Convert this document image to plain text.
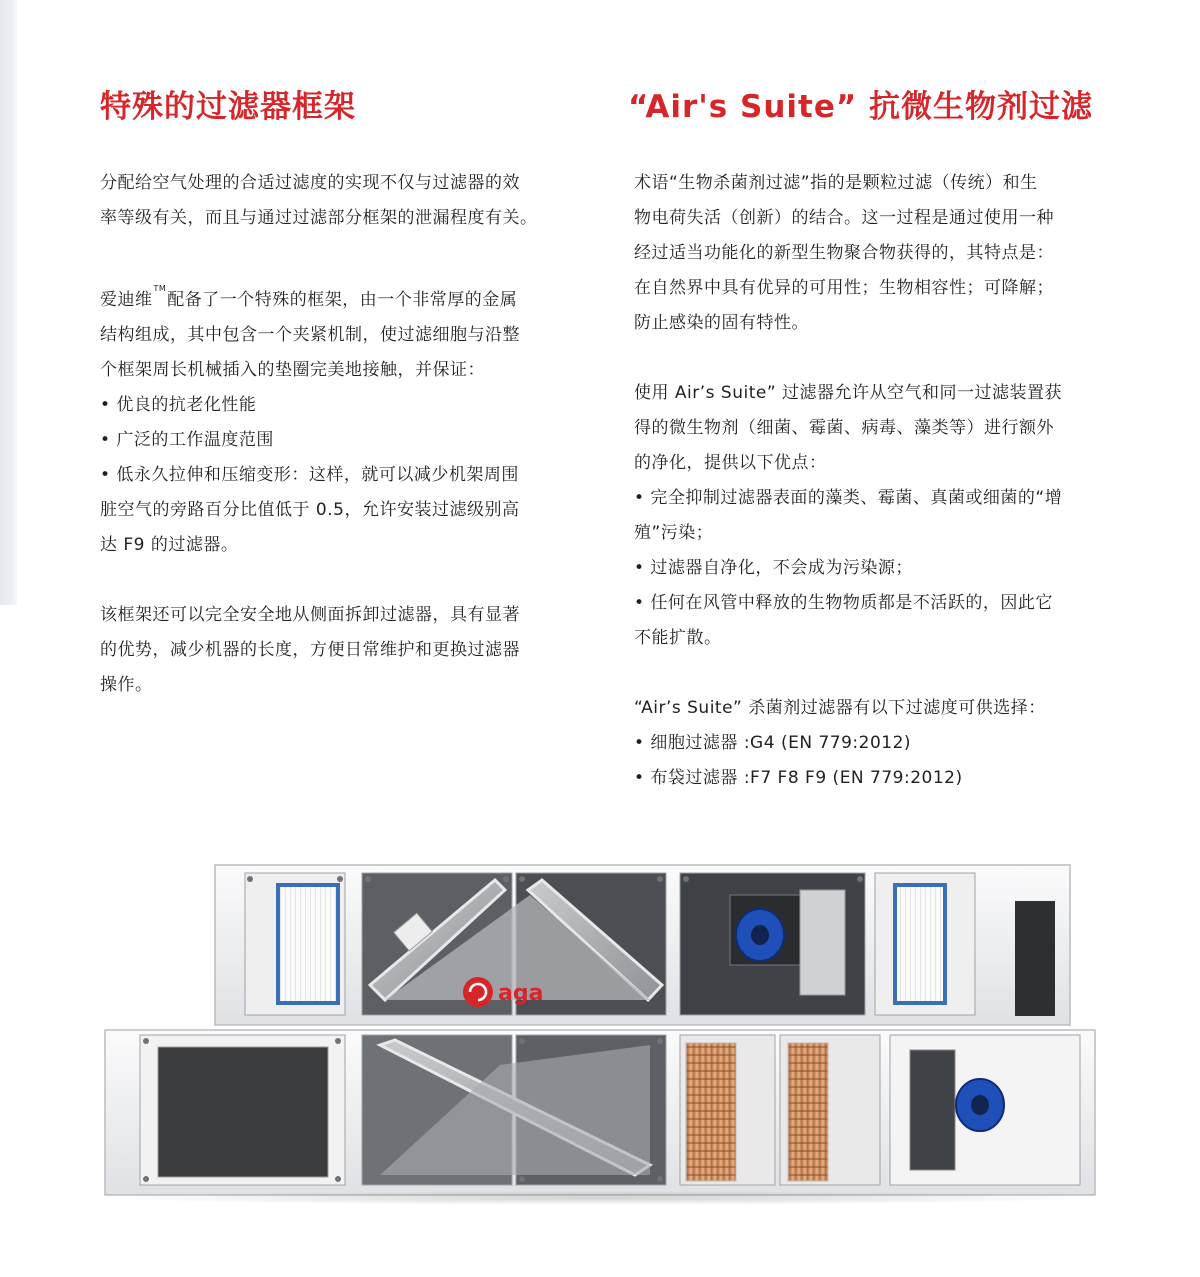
特殊的过滤器框架

分配给空气处理的合适过滤度的实现不仅与过滤器的效

率等级有关，而且与通过过滤部分框架的泄漏程度有关。

爱迪维™配备了一个特殊的框架，由一个非常厚的金属

结构组成，其中包含一个夹紧机制，使过滤细胞与沿整

个框架周长机械插入的垫圈完美地接触，并保证：

• 优良的抗老化性能

• 广泛的工作温度范围

• 低永久拉伸和压缩变形：这样，就可以减少机架周围

脏空气的旁路百分比值低于 0.5，允许安装过滤级别高

达 F9 的过滤器。

该框架还可以完全安全地从侧面拆卸过滤器，具有显著

的优势，减少机器的长度，方便日常维护和更换过滤器

操作。

“Air's Suite” 抗微生物剂过滤

术语“生物杀菌剂过滤”指的是颗粒过滤（传统）和生

物电荷失活（创新）的结合。这一过程是通过使用一种

经过适当功能化的新型生物聚合物获得的，其特点是：

在自然界中具有优异的可用性；生物相容性；可降解；

防止感染的固有特性。

使用 Air’s Suite” 过滤器允许从空气和同一过滤装置获

得的微生物剂（细菌、霉菌、病毒、藻类等）进行额外

的净化，提供以下优点：

• 完全抑制过滤器表面的藻类、霉菌、真菌或细菌的“增

殖”污染；

• 过滤器自净化，不会成为污染源；

• 任何在风管中释放的生物物质都是不活跃的，因此它

不能扩散。

“Air’s Suite” 杀菌剂过滤器有以下过滤度可供选择：

• 细胞过滤器 :G4 (EN 779:2012)

• 布袋过滤器 :F7 F8 F9 (EN 779:2012)

aga
